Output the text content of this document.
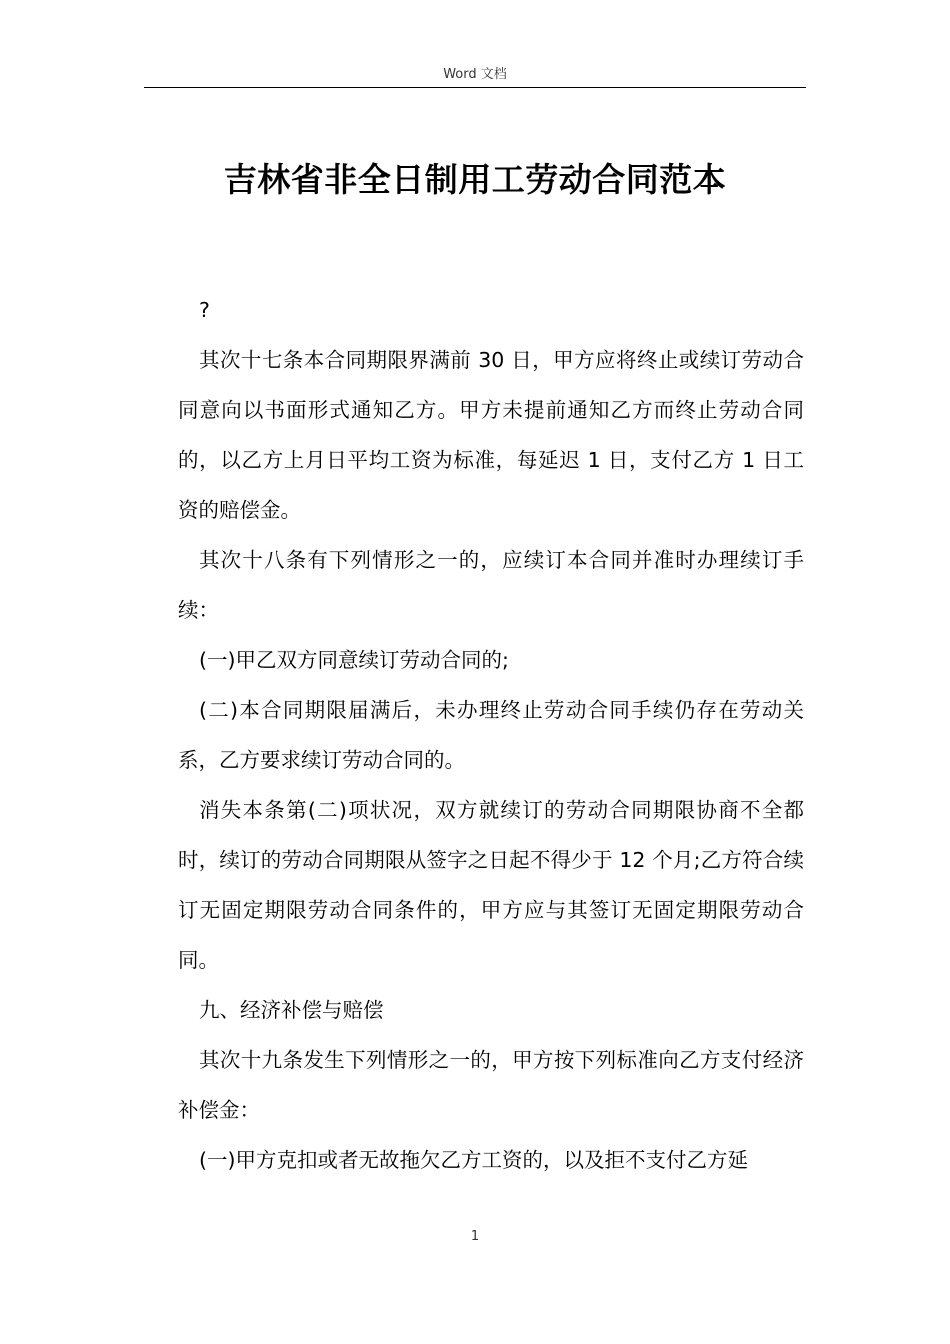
Word 文档
吉林省非全日制用工劳动合同范本

?

其次十七条本合同期限界满前 30 日，甲方应将终止或续订劳动合同意向以书面形式通知乙方。甲方未提前通知乙方而终止劳动合同的，以乙方上月日平均工资为标准，每延迟 1 日，支付乙方 1 日工资的赔偿金。

其次十八条有下列情形之一的，应续订本合同并准时办理续订手续：

(一)甲乙双方同意续订劳动合同的;

(二)本合同期限届满后，未办理终止劳动合同手续仍存在劳动关系，乙方要求续订劳动合同的。

消失本条第(二)项状况，双方就续订的劳动合同期限协商不全都时，续订的劳动合同期限从签字之日起不得少于 12 个月;乙方符合续订无固定期限劳动合同条件的，甲方应与其签订无固定期限劳动合同。

九、经济补偿与赔偿

其次十九条发生下列情形之一的，甲方按下列标准向乙方支付经济补偿金：

(一)甲方克扣或者无故拖欠乙方工资的，以及拒不支付乙方延

1
